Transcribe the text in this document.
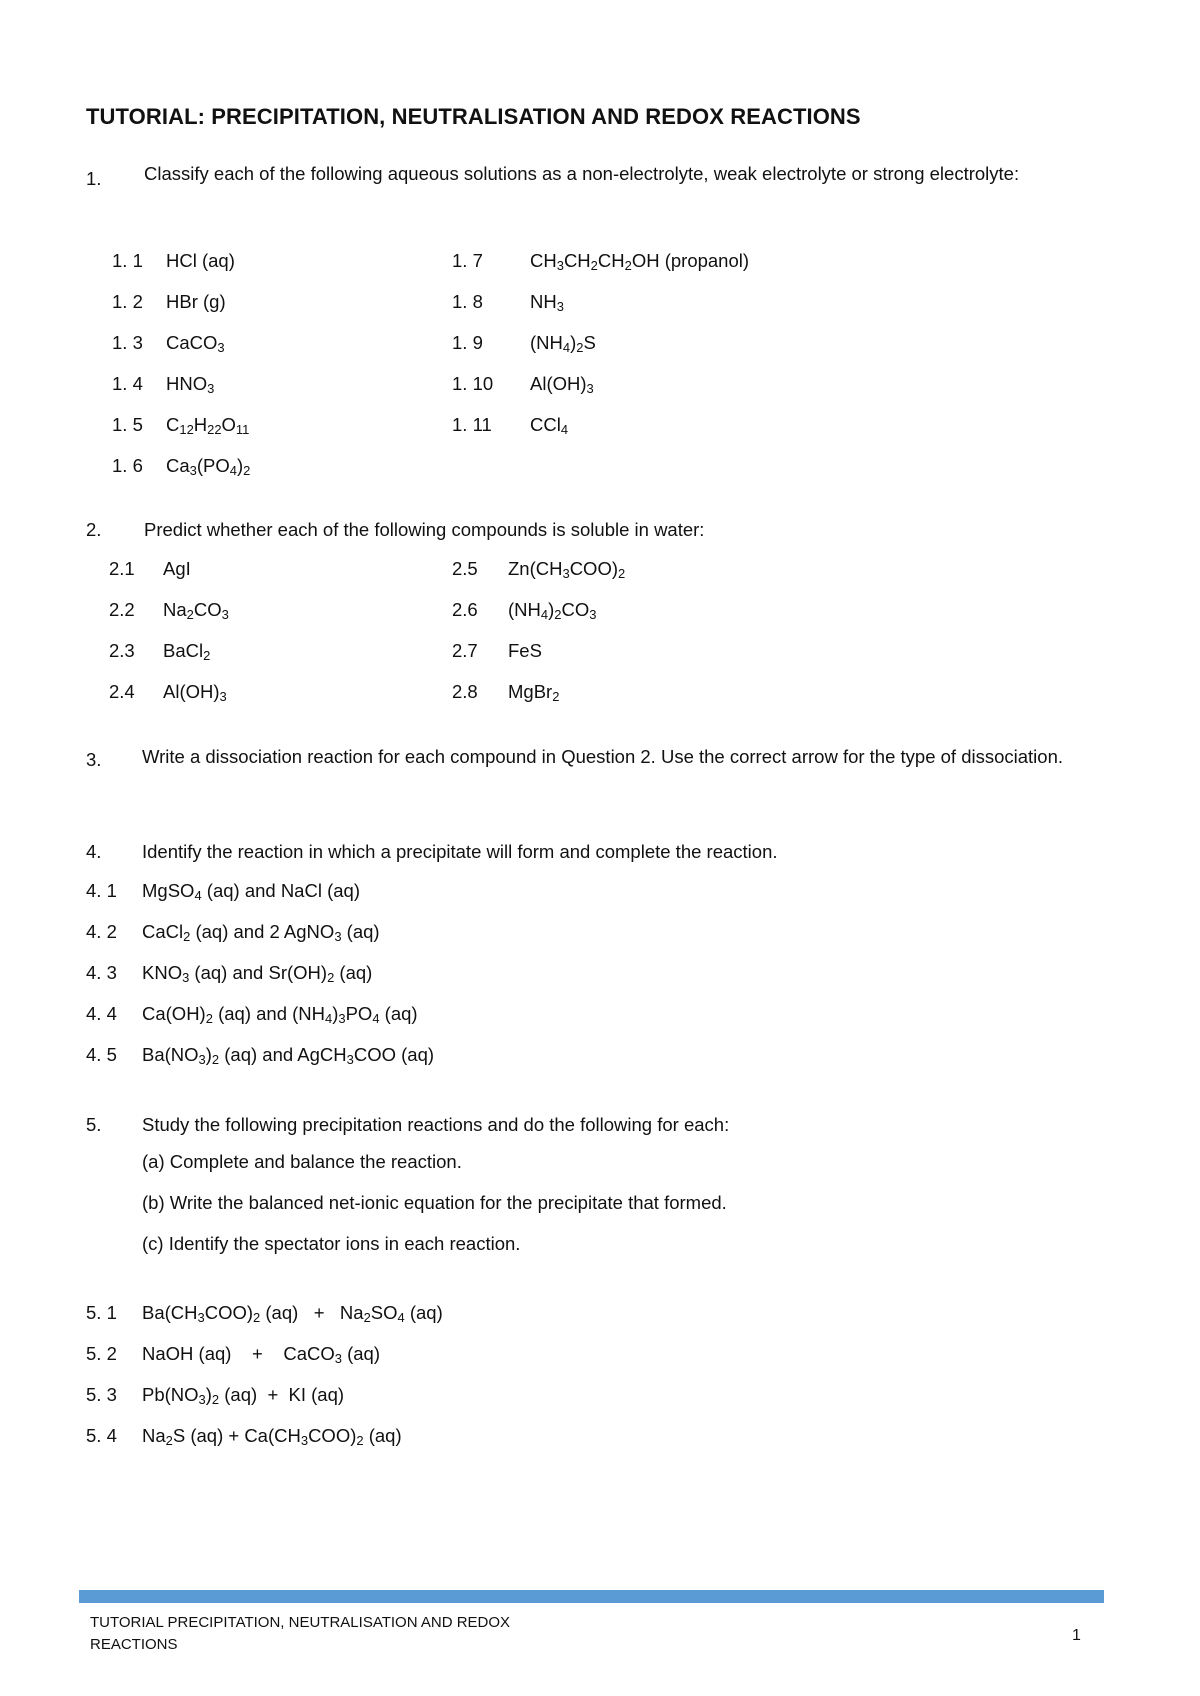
TUTORIAL: PRECIPITATION, NEUTRALISATION AND REDOX REACTIONS
1. Classify each of the following aqueous solutions as a non-electrolyte, weak electrolyte or strong electrolyte:
1. 1 HCl (aq)
1. 2 HBr (g)
1. 3 CaCO$_3$
1. 4 $HNO_3$
1. 5 $C_{12}H_{22}O_{11}$
1. 6 $Ca_3(PO_4)_2$
1. 7	$CH_3CH_2CH_2OH$ (propanol)
1. 8	$NH_3$
1. 9	$(NH_4)_2S$
1. 10 $Al(OH)_3$
1. 11 CCl$_4$
2. Predict whether each of the following compounds is soluble in water:
2.1 AgI
2.2 $Na_2CO_3$
2.3 BaCl$_2$
2.4 $Al(OH)_3$
2.5 $Zn(CH_3COO)_2$
2.6 $(NH_4)_2CO_3$
2.7 FeS
2.8 MgBr$_2$
3. Write a dissociation reaction for each compound in Question 2. Use the correct arrow for the type of dissociation.
4. Identify the reaction in which a precipitate will form and complete the reaction.
4. 1 MgSO$_4$ (aq) and NaCl (aq)
4. 2 CaCl$_2$ (aq) and 2 AgNO$_3$ (aq)
4. 3 $KNO_3$ (aq) and $Sr(OH)_2$ (aq)
4. 4 $Ca(OH)_2$ (aq) and $(NH_4)_3PO_4$ (aq)
4. 5 $Ba(NO_3)_2$ (aq) and AgCH$_3$COO (aq)
5. Study the following precipitation reactions and do the following for each:
(a) Complete and balance the reaction.
(b) Write the balanced net-ionic equation for the precipitate that formed.
(c) Identify the spectator ions in each reaction.
5. 1 $Ba(CH_3COO)_2$ $(aq) + Na_2SO_4$ (aq)
5. 2 NaOH (aq)    +    CaCO$_3$ (aq)
5. 3 $Pb(NO_3)_2$ (aq)  +  KI (aq)
5. 4 $Na_2S$ $(aq) + Ca(CH_3COO)_2$ (aq)
TUTORIAL PRECIPITATION, NEUTRALISATION AND REDOX REACTIONS
1
